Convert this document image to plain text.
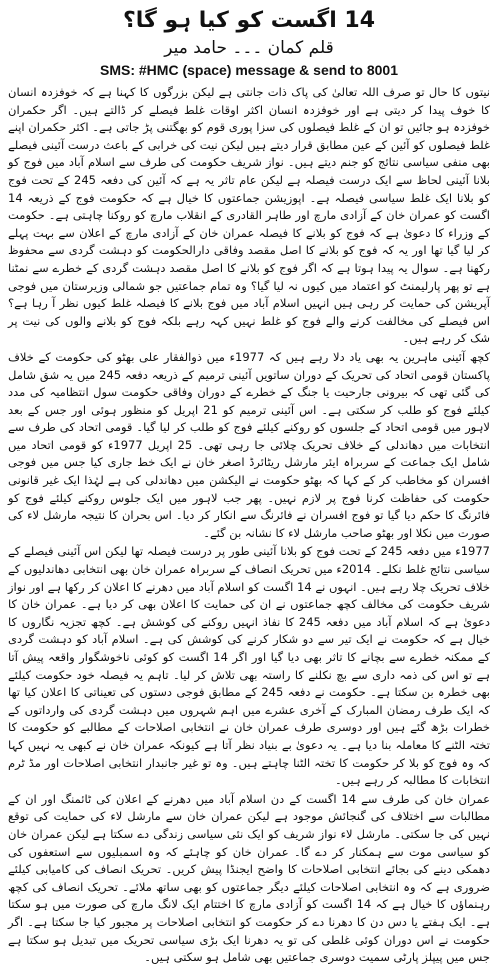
14 اگست کو کیا ہو گا؟
قلم کمان ۔۔۔ حامد میر
SMS: #HMC (space) message & send to 8001

نیتوں کا حال تو صرف اللہ تعالیٰ کی پاک ذات جانتی ہے لیکن بزرگوں کا کہنا ہے کہ خوفزدہ انسان کا خوف پیدا کر دیتی ہے اور خوفزدہ انسان اکثر اوقات غلط فیصلے کر ڈالتے ہیں۔ اگر حکمران خوفزدہ ہو جائیں تو ان کے غلط فیصلوں کی سزا پوری قوم کو بھگتنی پڑ جاتی ہے۔ اکثر حکمران اپنے غلط فیصلوں کو آئین کے عین مطابق قرار دیتے ہیں لیکن نیت کی خرابی کے باعث درست آئینی فیصلے بھی منفی سیاسی نتائج کو جنم دیتے ہیں۔ نواز شریف حکومت کی طرف سے اسلام آباد میں فوج کو بلانا آئینی لحاظ سے ایک درست فیصلہ ہے لیکن عام تاثر یہ ہے کہ آئین کی دفعہ 245 کے تحت فوج کو بلانا ایک غلط سیاسی فیصلہ ہے۔ اپوزیشن جماعتوں کا خیال ہے کہ حکومت فوج کے ذریعہ 14 اگست کو عمران خان کے آزادی مارچ اور طاہر القادری کے انقلاب مارچ کو روکنا چاہتی ہے۔ حکومت کے وزراء کا دعویٰ ہے کہ فوج کو بلانے کا فیصلہ عمران خان کے آزادی مارچ کے اعلان سے بہت پہلے کر لیا گیا تھا اور یہ کہ فوج کو بلانے کا اصل مقصد وفاقی دارالحکومت کو دہشت گردی سے محفوظ رکھنا ہے۔ سوال یہ پیدا ہوتا ہے کہ اگر فوج کو بلانے کا اصل مقصد دہشت گردی کے خطرے سے نمٹنا ہے تو پھر پارلیمنٹ کو اعتماد میں کیوں نہ لیا گیا؟ وہ تمام جماعتیں جو شمالی وزیرستان میں فوجی آپریشن کی حمایت کر رہی ہیں انہیں اسلام آباد میں فوج بلانے کا فیصلہ غلط کیوں نظر آ رہا ہے؟ اس فیصلے کی مخالفت کرنے والے فوج کو غلط نہیں کہہ رہے بلکہ فوج کو بلانے والوں کی نیت پر شک کر رہے ہیں۔

کچھ آئینی ماہرین یہ بھی یاد دلا رہے ہیں کہ 1977ء میں ذوالفقار علی بھٹو کی حکومت کے خلاف پاکستان قومی اتحاد کی تحریک کے دوران ساتویں آئینی ترمیم کے ذریعہ دفعہ 245 میں یہ شق شامل کی گئی تھی کہ بیرونی جارحیت یا جنگ کے خطرے کے دوران وفاقی حکومت سول انتظامیہ کی مدد کیلئے فوج کو طلب کر سکتی ہے۔ اس آئینی ترمیم کو 21 اپریل کو منظور ہوئی اور جس کے بعد لاہور میں قومی اتحاد کے جلسوں کو روکنے کیلئے فوج کو طلب کر لیا گیا۔ قومی اتحاد کی طرف سے انتخابات میں دھاندلی کے خلاف تحریک چلائی جا رہی تھی۔ 25 اپریل 1977ء کو قومی اتحاد میں شامل ایک جماعت کے سربراہ ایئر مارشل ریٹائرڈ اصغر خان نے ایک خط جاری کیا جس میں فوجی افسران کو مخاطب کر کے کہا کہ بھٹو حکومت نے الیکشن میں دھاندلی کی ہے لہٰذا ایک غیر قانونی حکومت کی حفاظت کرنا فوج پر لازم نہیں۔ پھر جب لاہور میں ایک جلوس روکنے کیلئے فوج کو فائرنگ کا حکم دیا گیا تو فوج افسران نے فائرنگ سے انکار کر دیا۔ اس بحران کا نتیجہ مارشل لاء کی صورت میں نکلا اور بھٹو صاحب مارشل لاء کا نشانہ بن گئے۔

1977ء میں دفعہ 245 کے تحت فوج کو بلانا آئینی طور پر درست فیصلہ تھا لیکن اس آئینی فیصلے کے سیاسی نتائج غلط نکلے۔ 2014ء میں تحریک انصاف کے سربراہ عمران خان بھی انتخابی دھاندلیوں کے خلاف تحریک چلا رہے ہیں۔ انہوں نے 14 اگست کو اسلام آباد میں دھرنے کا اعلان کر رکھا ہے اور نواز شریف حکومت کی مخالف کچھ جماعتوں نے ان کی حمایت کا اعلان بھی کر دیا ہے۔ عمران خان کا دعویٰ ہے کہ اسلام آباد میں دفعہ 245 کا نفاذ انہیں روکنے کی کوشش ہے۔ کچھ تجزیہ نگاروں کا خیال ہے کہ حکومت نے ایک تیر سے دو شکار کرنے کی کوشش کی ہے۔ اسلام آباد کو دہشت گردی کے ممکنہ خطرے سے بچانے کا تاثر بھی دیا گیا اور اگر 14 اگست کو کوئی ناخوشگوار واقعہ پیش آتا ہے تو اس کی ذمہ داری سے بچ نکلنے کا راستہ بھی تلاش کر لیا۔ تاہم یہ فیصلہ خود حکومت کیلئے بھی خطرہ بن سکتا ہے۔ حکومت نے دفعہ 245 کے مطابق فوجی دستوں کی تعیناتی کا اعلان کیا تھا کہ ایک طرف رمضان المبارک کے آخری عشرے میں اہم شہروں میں دہشت گردی کی وارداتوں کے خطرات بڑھ گئے ہیں اور دوسری طرف عمران خان نے انتخابی اصلاحات کے مطالبے کو حکومت کا تختہ الٹنے کا معاملہ بنا دیا ہے۔ یہ دعویٰ بے بنیاد نظر آتا ہے کیونکہ عمران خان نے کبھی یہ نہیں کہا کہ وہ فوج کو بلا کر حکومت کا تختہ الٹنا چاہتے ہیں۔ وہ تو غیر جانبدار انتخابی اصلاحات اور مڈ ٹرم انتخابات کا مطالبہ کر رہے ہیں۔

عمران خان کی طرف سے 14 اگست کے دن اسلام آباد میں دھرنے کے اعلان کی ٹائمنگ اور ان کے مطالبات سے اختلاف کی گنجائش موجود ہے لیکن عمران خان سے مارشل لاء کی حمایت کی توقع نہیں کی جا سکتی۔ مارشل لاء نواز شریف کو ایک نئی سیاسی زندگی دے سکتا ہے لیکن عمران خان کو سیاسی موت سے ہمکنار کر دے گا۔ عمران خان کو چاہئے کہ وہ اسمبلیوں سے استعفوں کی دھمکی دینے کی بجائے انتخابی اصلاحات کا واضح ایجنڈا پیش کریں۔ تحریک انصاف کی کامیابی کیلئے ضروری ہے کہ وہ انتخابی اصلاحات کیلئے دیگر جماعتوں کو بھی ساتھ ملائے۔ تحریک انصاف کی کچھ رہنماؤں کا خیال ہے کہ 14 اگست کو آزادی مارچ کا اختتام ایک لانگ مارچ کی صورت میں ہو سکتا ہے۔ ایک ہفتے یا دس دن کا دھرنا دے کر حکومت کو انتخابی اصلاحات پر مجبور کیا جا سکتا ہے۔ اگر حکومت نے اس دوران کوئی غلطی کی تو یہ دھرنا ایک بڑی سیاسی تحریک میں تبدیل ہو سکتا ہے جس میں پیپلز پارٹی سمیت دوسری جماعتیں بھی شامل ہو سکتی ہیں۔
